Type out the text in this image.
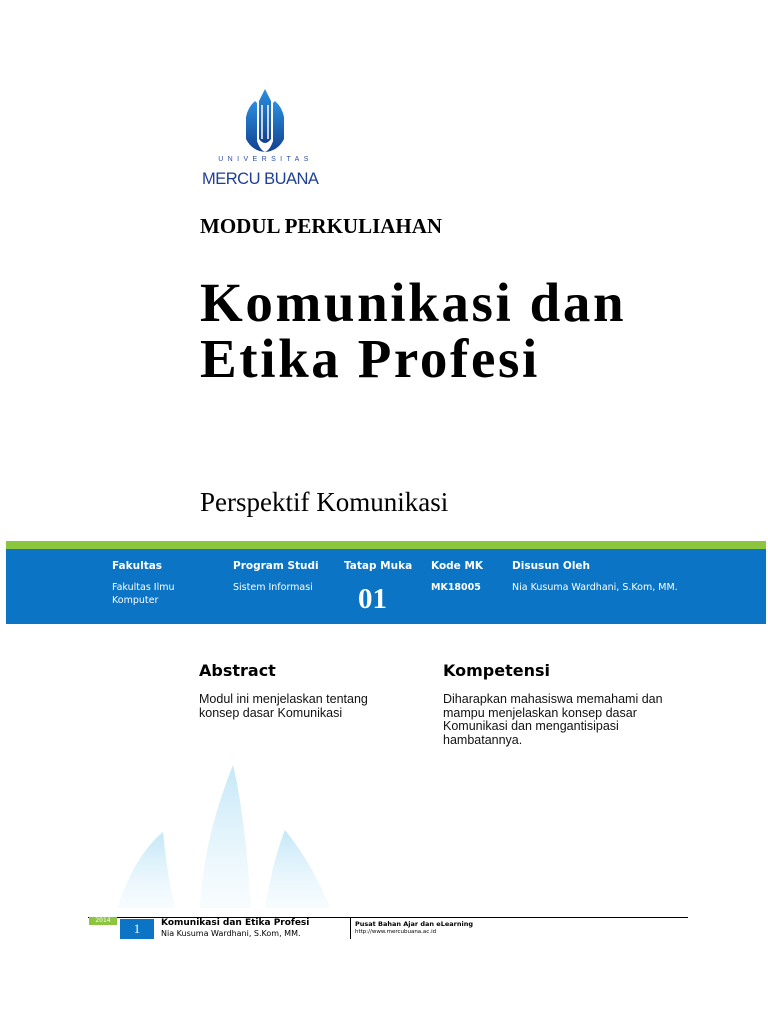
UNIVERSITAS
MERCU BUANA
MODUL PERKULIAHAN
Komunikasi dan Etika Profesi
Perspektif Komunikasi
Fakultas
Fakultas Ilmu Komputer
Program Studi
Sistem Informasi
Tatap Muka
01
Kode MK
MK18005
Disusun Oleh
Nia Kusuma Wardhani, S.Kom, MM.
Abstract
Modul ini menjelaskan tentang konsep dasar Komunikasi
Kompetensi
Diharapkan mahasiswa memahami dan mampu menjelaskan konsep dasar Komunikasi dan mengantisipasi hambatannya.
2014
1	Komunikasi dan Etika Profesi
Nia Kusuma Wardhani, S.Kom, MM.
Pusat Bahan Ajar dan eLearning
http://www.mercubuana.ac.id
